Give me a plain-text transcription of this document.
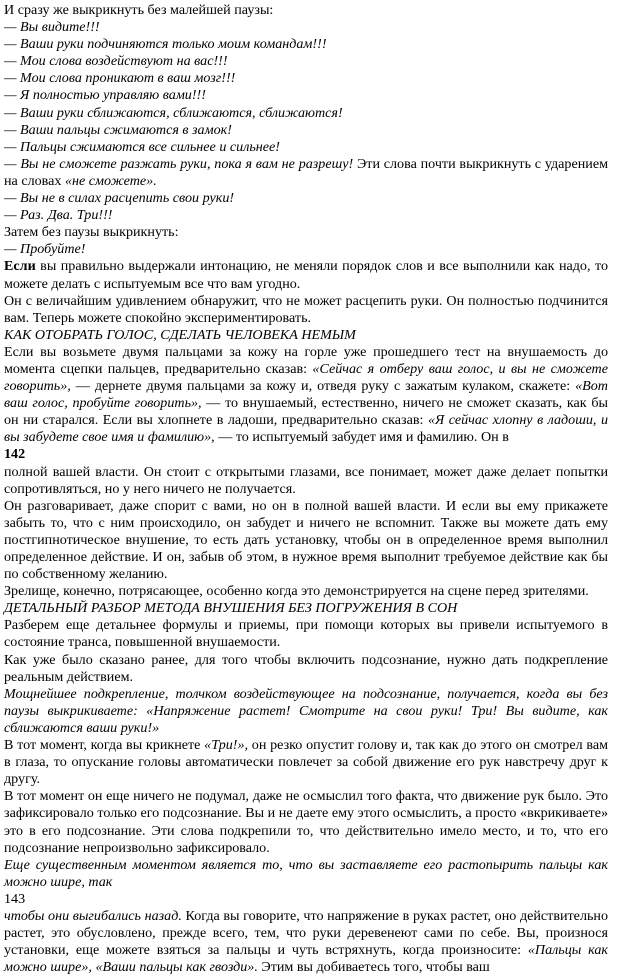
И сразу же выкрикнуть без малейшей паузы:

— Вы видите!!!

— Ваши руки подчиняются только моим командам!!!

— Мои слова воздействуют на вас!!!

— Мои слова проникают в ваш мозг!!!

— Я полностью управляю вами!!!

— Ваши руки сближаются, сближаются, сближаются!

— Ваши пальцы сжимаются в замок!

— Пальцы сжимаются все сильнее и сильнее!

— Вы не сможете разжать руки, пока я вам не разрешу! Эти слова почти выкрикнуть с ударением на словах «не сможете».

— Вы не в силах расцепить свои руки!

— Раз. Два. Три!!!

Затем без паузы выкрикнуть:

— Пробуйте!

Если вы правильно выдержали интонацию, не меняли порядок слов и все выполнили как надо, то можете делать с испытуемым все что вам угодно.

Он с величайшим удивлением обнаружит, что не может расцепить руки. Он полностью подчинится вам. Теперь можете спокойно экспериментировать.

КАК ОТОБРАТЬ ГОЛОС, СДЕЛАТЬ ЧЕЛОВЕКА НЕМЫМ

Если вы возьмете двумя пальцами за кожу на горле уже прошедшего тест на внушаемость до момента сцепки пальцев, предварительно сказав: «Сейчас я отберу ваш голос, и вы не сможете говорить», — дернете двумя пальцами за кожу и, отведя руку с зажатым кулаком, скажете: «Вот ваш голос, пробуйте говорить», — то внушаемый, естественно, ничего не сможет сказать, как бы он ни старался. Если вы хлопнете в ладоши, предварительно сказав: «Я сейчас хлопну в ладоши, и вы забудете свое имя и фамилию», — то испытуемый забудет имя и фамилию. Он в

142

полной вашей власти. Он стоит с открытыми глазами, все понимает, может даже делает попытки сопротивляться, но у него ничего не получается.

Он разговаривает, даже спорит с вами, но он в полной вашей власти. И если вы ему прикажете забыть то, что с ним происходило, он забудет и ничего не вспомнит. Также вы можете дать ему постгипнотическое внушение, то есть дать установку, чтобы он в определенное время выполнил определенное действие. И он, забыв об этом, в нужное время выполнит требуемое действие как бы по собственному желанию.

Зрелище, конечно, потрясающее, особенно когда это демонстрируется на сцене перед зрителями.

ДЕТАЛЬНЫЙ РАЗБОР МЕТОДА ВНУШЕНИЯ БЕЗ ПОГРУЖЕНИЯ В СОН

Разберем еще детальнее формулы и приемы, при помощи которых вы привели испытуемого в состояние транса, повышенной внушаемости.

Как уже было сказано ранее, для того чтобы включить подсознание, нужно дать подкрепление реальным действием.

Мощнейшее подкрепление, толчком воздействующее на подсознание, получается, когда вы без паузы выкрикиваете: «Напряжение растет! Смотрите на свои руки! Три! Вы видите, как сближаются ваши руки!»

В тот момент, когда вы крикнете «Три!», он резко опустит голову и, так как до этого он смотрел вам в глаза, то опускание головы автоматически повлечет за собой движение его рук навстречу друг к другу.

В тот момент он еще ничего не подумал, даже не осмыслил того факта, что движение рук было. Это зафиксировало только его подсознание. Вы и не даете ему этого осмыслить, а просто «вкрикиваете» это в его подсознание. Эти слова подкрепили то, что действительно имело место, и то, что его подсознание непроизвольно зафиксировало.

Еще существенным моментом является то, что вы заставляете его растопырить пальцы как можно шире, так

143

чтобы они выгибались назад. Когда вы говорите, что напряжение в руках растет, оно действительно растет, это обусловлено, прежде всего, тем, что руки деревенеют сами по себе. Вы, произнося установки, еще можете взяться за пальцы и чуть встряхнуть, когда произносите: «Пальцы как можно шире», «Ваши пальцы как гвозди». Этим вы добиваетесь того, чтобы ваш
